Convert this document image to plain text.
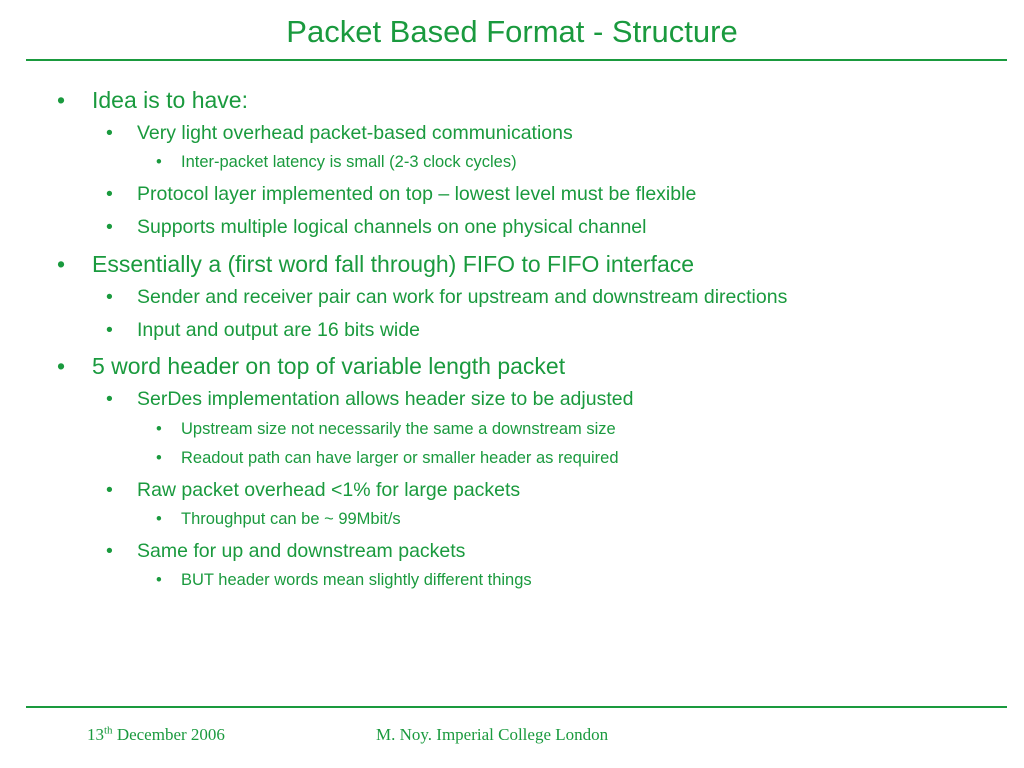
Packet Based Format - Structure
• Idea is to have:
• Very light overhead packet-based communications
• Inter-packet latency is small (2-3 clock cycles)
• Protocol layer implemented on top – lowest level must be flexible
• Supports multiple logical channels on one physical channel
• Essentially a (first word fall through) FIFO to FIFO interface
• Sender and receiver pair can work for upstream and downstream directions
• Input and output are 16 bits wide
• 5 word header on top of variable length packet
• SerDes implementation allows header size to be adjusted
• Upstream size not necessarily the same a downstream size
• Readout path can have larger or smaller header as required
• Raw packet overhead <1% for large packets
• Throughput can be ~ 99Mbit/s
• Same for up and downstream packets
• BUT header words mean slightly different things
13th December 2006	M. Noy. Imperial College London
